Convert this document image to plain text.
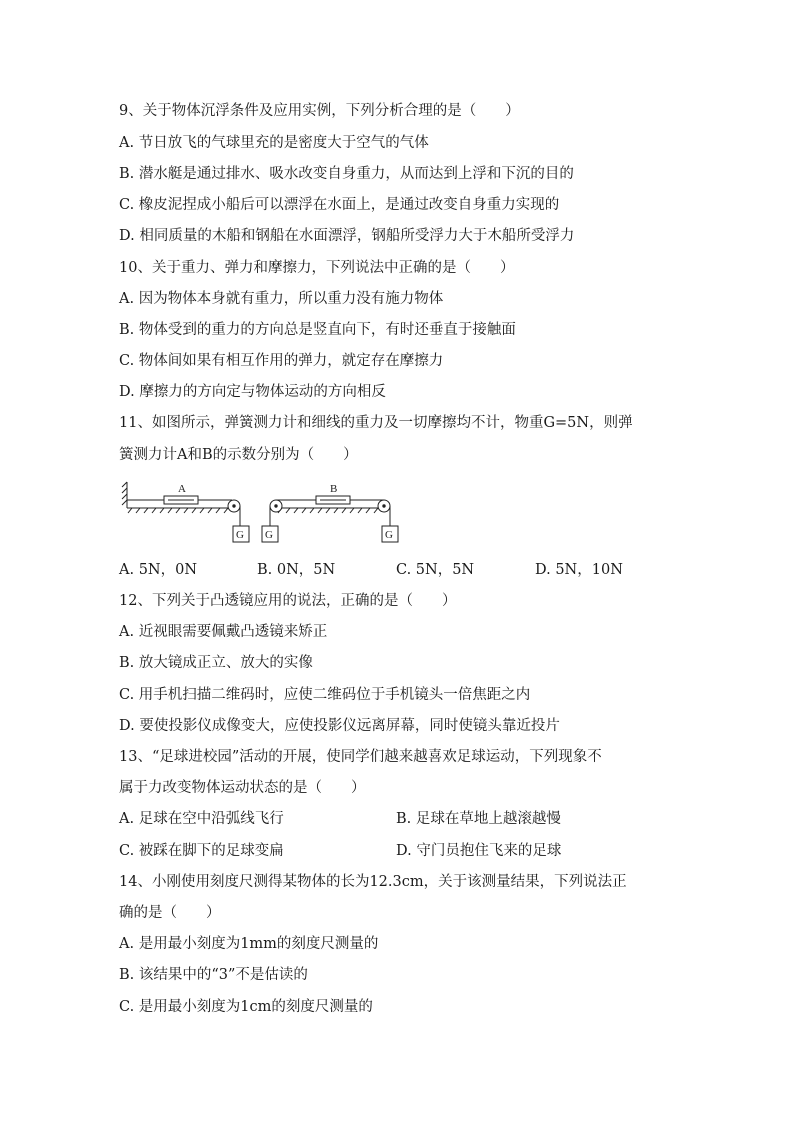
9、关于物体沉浮条件及应用实例，下列分析合理的是（　　）
A. 节日放飞的气球里充的是密度大于空气的气体
B. 潜水艇是通过排水、吸水改变自身重力，从而达到上浮和下沉的目的
C. 橡皮泥捏成小船后可以漂浮在水面上，是通过改变自身重力实现的
D. 相同质量的木船和钢船在水面漂浮，钢船所受浮力大于木船所受浮力
10、关于重力、弹力和摩擦力，下列说法中正确的是（　　）
A. 因为物体本身就有重力，所以重力没有施力物体
B. 物体受到的重力的方向总是竖直向下，有时还垂直于接触面
C. 物体间如果有相互作用的弹力，就定存在摩擦力
D. 摩擦力的方向定与物体运动的方向相反
11、如图所示，弹簧测力计和细线的重力及一切摩擦均不计，物重G=5N，则弹
簧测力计A和B的示数分别为（　　）
A
G
B
G	G
A. 5N，0N	B. 0N，5N	C. 5N，5N	D. 5N，10N
12、下列关于凸透镜应用的说法，正确的是（　　）
A. 近视眼需要佩戴凸透镜来矫正
B. 放大镜成正立、放大的实像
C. 用手机扫描二维码时，应使二维码位于手机镜头一倍焦距之内
D. 要使投影仪成像变大，应使投影仪远离屏幕，同时使镜头靠近投片
13、“足球进校园”活动的开展，使同学们越来越喜欢足球运动，下列现象不
属于力改变物体运动状态的是（　　）
A. 足球在空中沿弧线飞行	B. 足球在草地上越滚越慢
C. 被踩在脚下的足球变扁	D. 守门员抱住飞来的足球
14、小刚使用刻度尺测得某物体的长为12.3cm，关于该测量结果，下列说法正
确的是（　　）
A. 是用最小刻度为1mm的刻度尺测量的
B. 该结果中的“3”不是估读的
C. 是用最小刻度为1cm的刻度尺测量的
